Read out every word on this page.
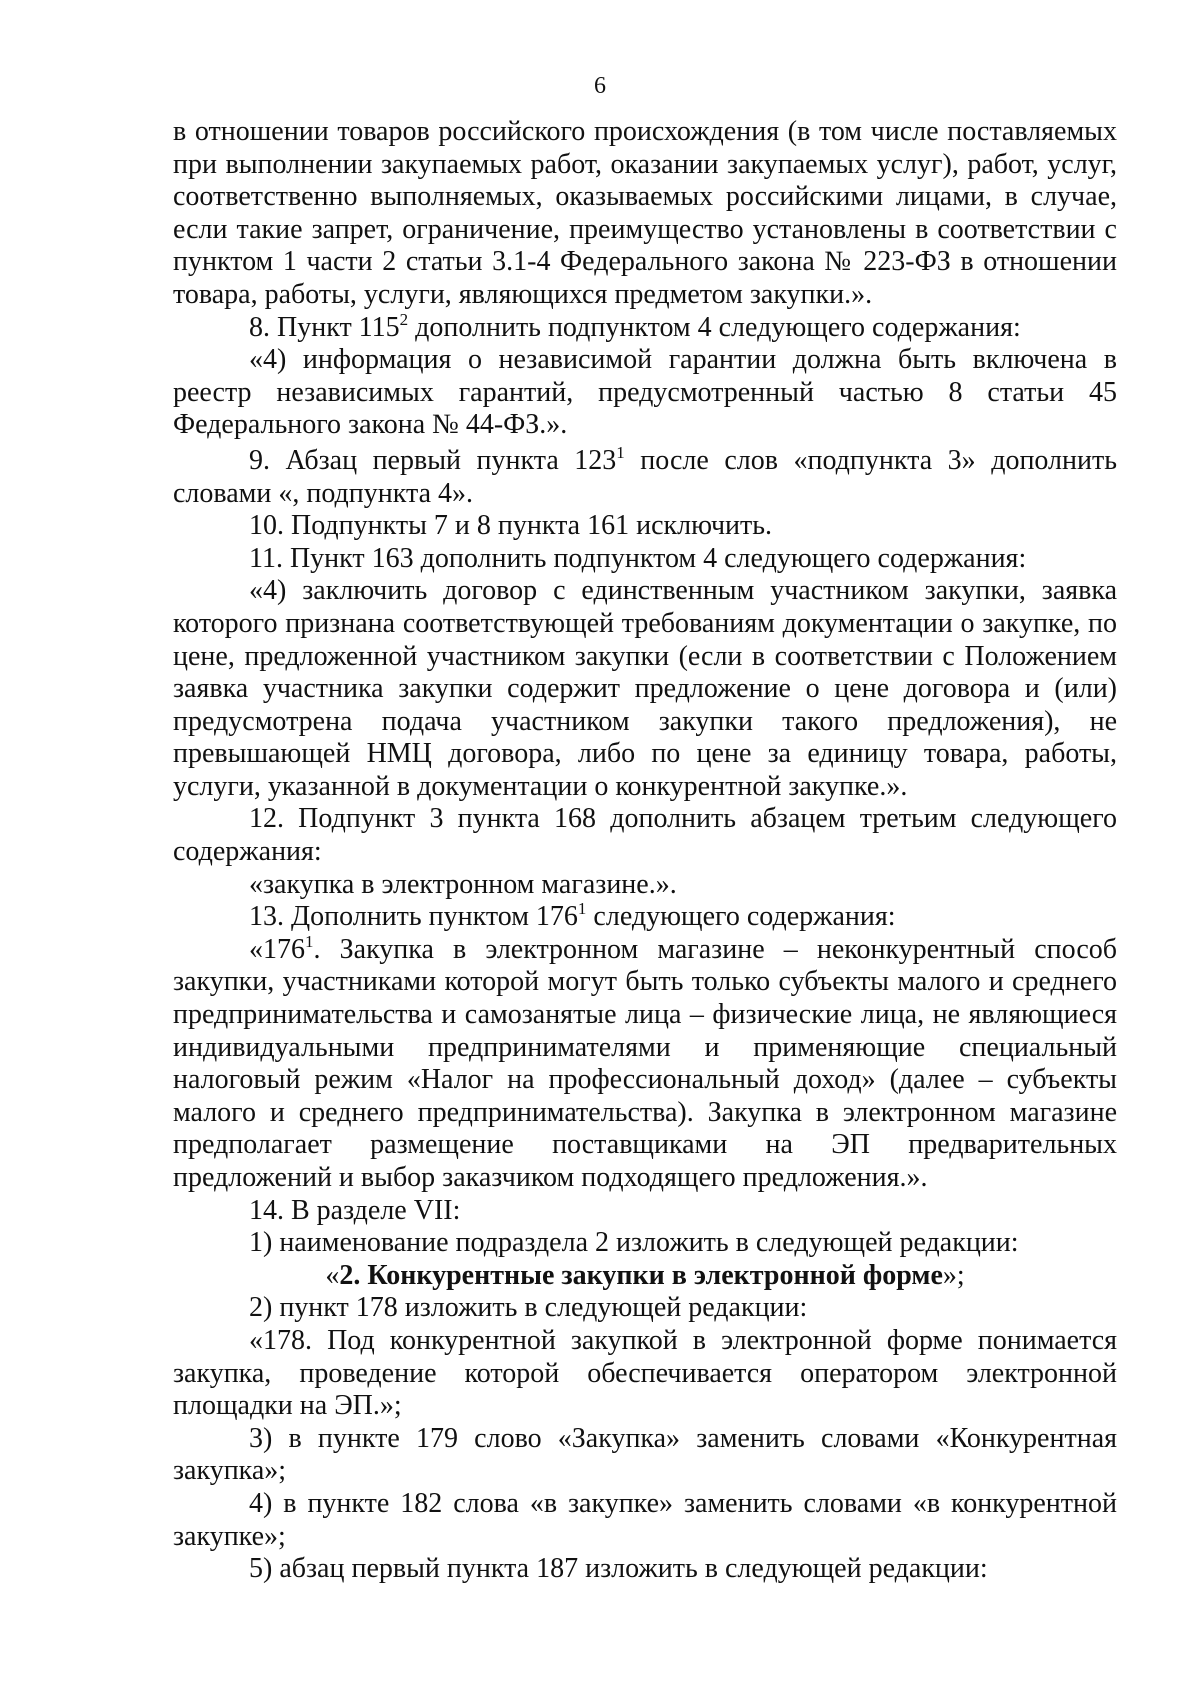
6

в отношении товаров российского происхождения (в том числе поставляемых при выполнении закупаемых работ, оказании закупаемых услуг), работ, услуг, соответственно выполняемых, оказываемых российскими лицами, в случае, если такие запрет, ограничение, преимущество установлены в соответствии с пунктом 1 части 2 статьи 3.1-4 Федерального закона № 223-ФЗ в отношении товара, работы, услуги, являющихся предметом закупки.».

8. Пункт $115^2$ дополнить подпунктом 4 следующего содержания:

«4) информация о независимой гарантии должна быть включена в реестр независимых гарантий, предусмотренный частью 8 статьи 45 Федерального закона № 44-ФЗ.».

9. Абзац первый пункта $123^1$ после слов «подпункта 3» дополнить словами «, подпункта 4».

10. Подпункты 7 и 8 пункта 161 исключить.

11. Пункт 163 дополнить подпунктом 4 следующего содержания:

«4) заключить договор с единственным участником закупки, заявка которого признана соответствующей требованиям документации о закупке, по цене, предложенной участником закупки (если в соответствии с Положением заявка участника закупки содержит предложение о цене договора и (или) предусмотрена подача участником закупки такого предложения), не превышающей НМЦ договора, либо по цене за единицу товара, работы, услуги, указанной в документации о конкурентной закупке.».

12. Подпункт 3 пункта 168 дополнить абзацем третьим следующего содержания:

«закупка в электронном магазине.».

13. Дополнить пунктом $176^1$ следующего содержания:

«$176^1$. Закупка в электронном магазине – неконкурентный способ закупки, участниками которой могут быть только субъекты малого и среднего предпринимательства и самозанятые лица – физические лица, не являющиеся индивидуальными предпринимателями и применяющие специальный налоговый режим «Налог на профессиональный доход» (далее – субъекты малого и среднего предпринимательства). Закупка в электронном магазине предполагает размещение поставщиками на ЭП предварительных предложений и выбор заказчиком подходящего предложения.».

14. В разделе VII:

1) наименование подраздела 2 изложить в следующей редакции:

«2. Конкурентные закупки в электронной форме»;

2) пункт 178 изложить в следующей редакции:

«178. Под конкурентной закупкой в электронной форме понимается закупка, проведение которой обеспечивается оператором электронной площадки на ЭП.»;

3) в пункте 179 слово «Закупка» заменить словами «Конкурентная закупка»;

4) в пункте 182 слова «в закупке» заменить словами «в конкурентной закупке»;

5) абзац первый пункта 187 изложить в следующей редакции:
